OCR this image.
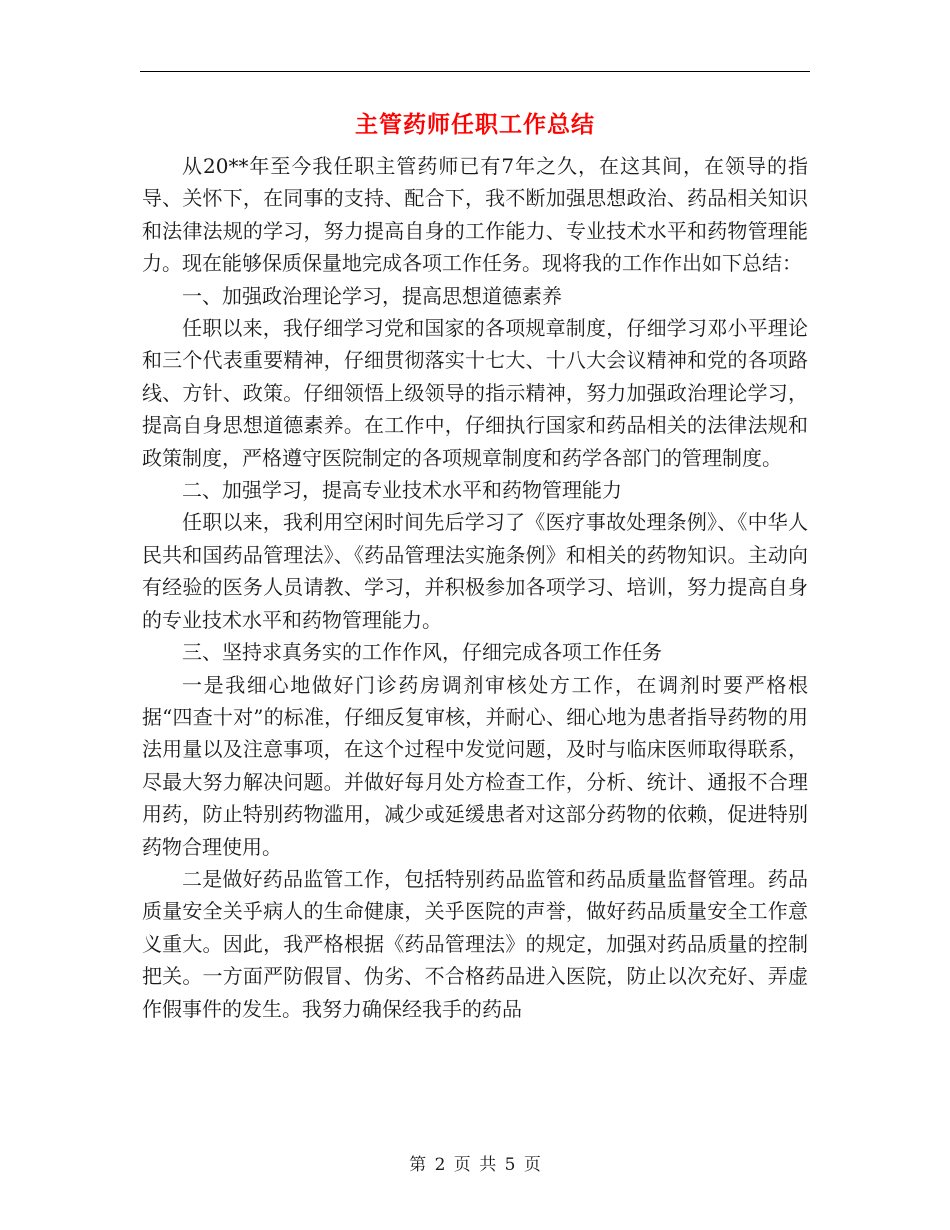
主管药师任职工作总结

从20**年至今我任职主管药师已有7年之久，在这其间，在领导的指导、关怀下，在同事的支持、配合下，我不断加强思想政治、药品相关知识和法律法规的学习，努力提高自身的工作能力、专业技术水平和药物管理能力。现在能够保质保量地完成各项工作任务。现将我的工作作出如下总结：

一、加强政治理论学习，提高思想道德素养

任职以来，我仔细学习党和国家的各项规章制度，仔细学习邓小平理论和三个代表重要精神，仔细贯彻落实十七大、十八大会议精神和党的各项路线、方针、政策。仔细领悟上级领导的指示精神，努力加强政治理论学习，提高自身思想道德素养。在工作中，仔细执行国家和药品相关的法律法规和政策制度，严格遵守医院制定的各项规章制度和药学各部门的管理制度。

二、加强学习，提高专业技术水平和药物管理能力

任职以来，我利用空闲时间先后学习了《医疗事故处理条例》、《中华人民共和国药品管理法》、《药品管理法实施条例》和相关的药物知识。主动向有经验的医务人员请教、学习，并积极参加各项学习、培训，努力提高自身的专业技术水平和药物管理能力。

三、坚持求真务实的工作作风，仔细完成各项工作任务

一是我细心地做好门诊药房调剂审核处方工作，在调剂时要严格根据“四查十对”的标准，仔细反复审核，并耐心、细心地为患者指导药物的用法用量以及注意事项，在这个过程中发觉问题，及时与临床医师取得联系，尽最大努力解决问题。并做好每月处方检查工作，分析、统计、通报不合理用药，防止特别药物滥用，减少或延缓患者对这部分药物的依赖，促进特别药物合理使用。

二是做好药品监管工作，包括特别药品监管和药品质量监督管理。药品质量安全关乎病人的生命健康，关乎医院的声誉，做好药品质量安全工作意义重大。因此，我严格根据《药品管理法》的规定，加强对药品质量的控制把关。一方面严防假冒、伪劣、不合格药品进入医院，防止以次充好、弄虚作假事件的发生。我努力确保经我手的药品

第 2 页 共 5 页
